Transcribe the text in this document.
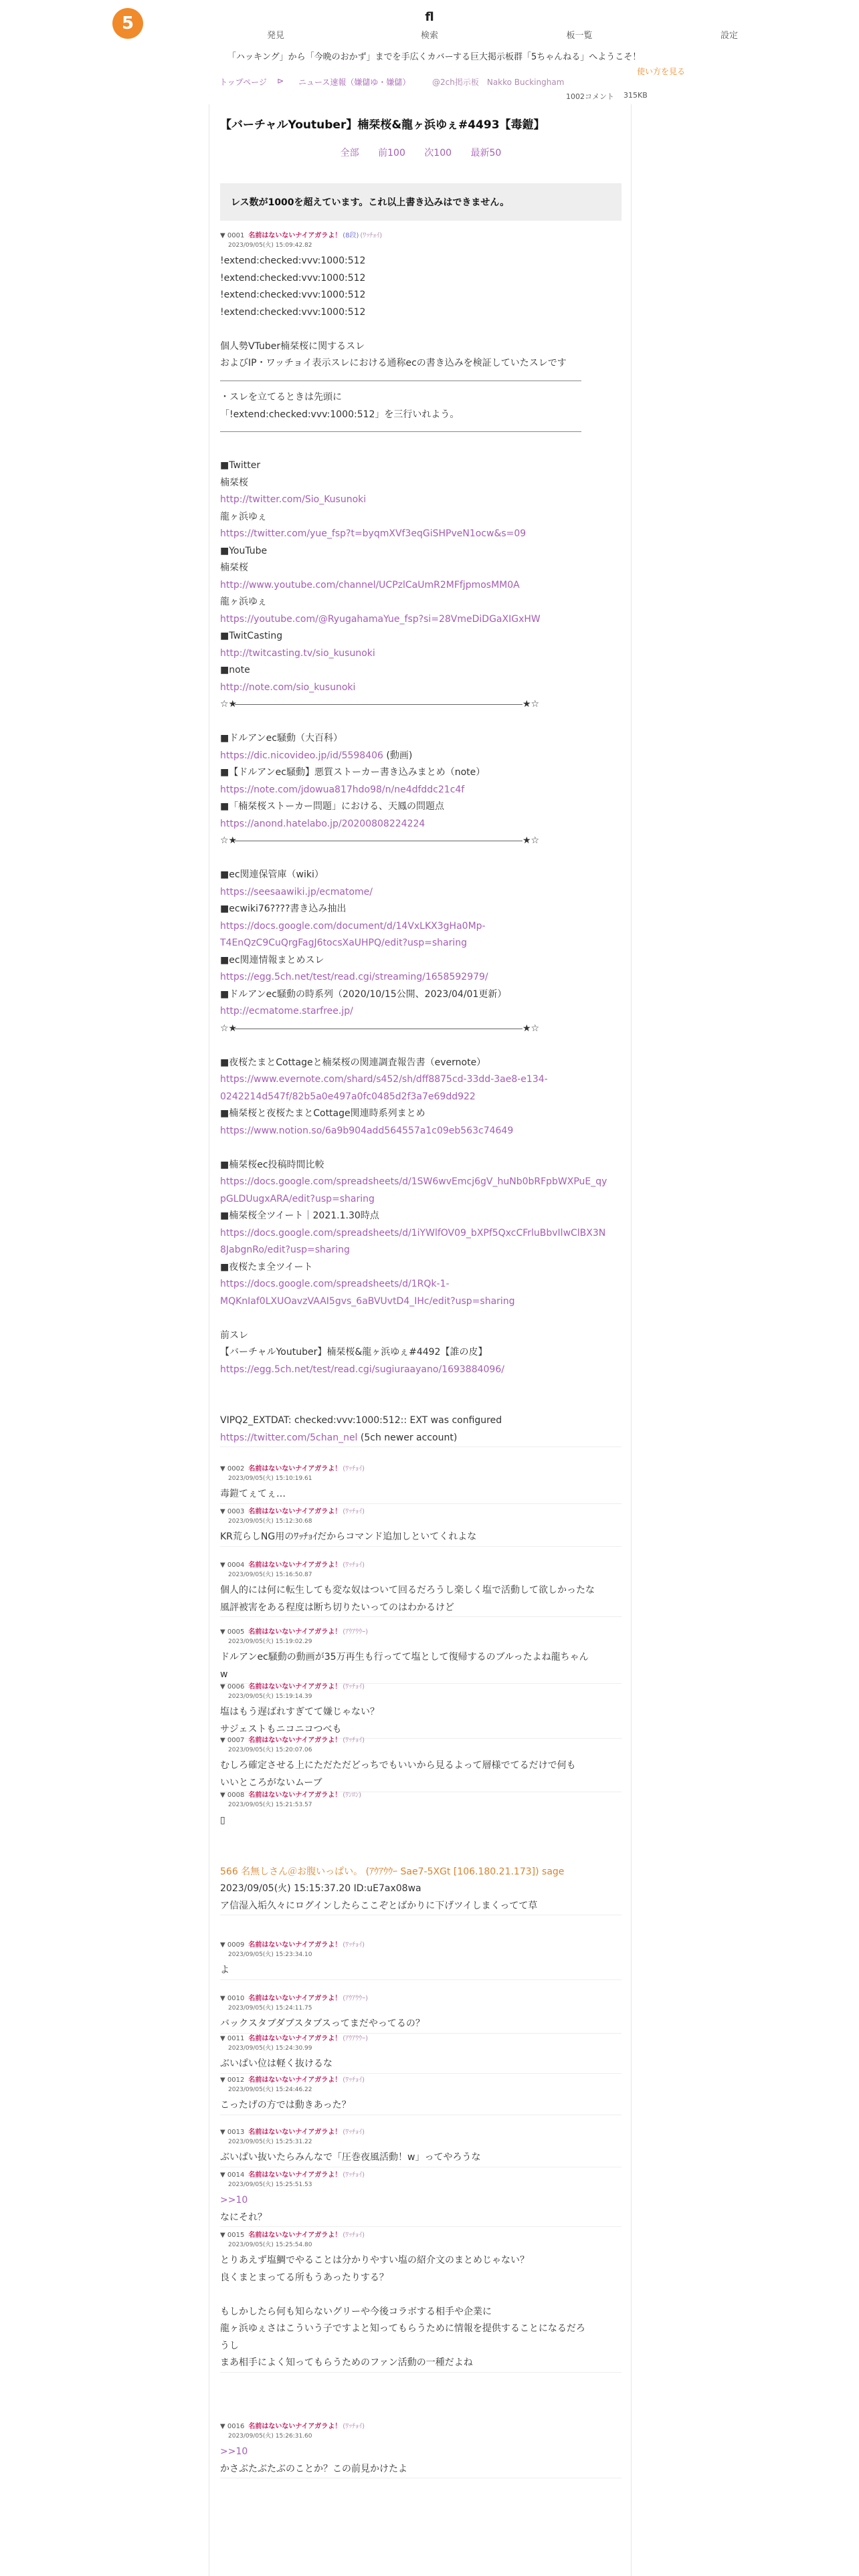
5
発見
fl
検索	板一覧	設定
「ハッキング」から「今晩のおかず」までを手広くカバーする巨大掲示板群「5ちゃんねる」へようこそ！
使い方を見る
トップページ ⊳ ニュース速報（嫌儲ゆ・嫌儲）	@2ch掲示板　Nakko Buckingham
1002コメント 315KB
【バーチャルYoutuber】楠栞桜&龍ヶ浜ゆぇ#4493【毒鎧】
全部 前100 次100 最新50
レス数が1000を超えています。これ以上書き込みはできません。
▼ 0001 名前はないないナイアガラよ！ (8段) (ﾜｯﾁｮｲ)
2023/09/05(火) 15:09:42.82
!extend:checked:vvv:1000:512
!extend:checked:vvv:1000:512
!extend:checked:vvv:1000:512
!extend:checked:vvv:1000:512
個人勢VTuber楠栞桜に関するスレ
およびIP・ワッチョイ表示スレにおける通称ecの書き込みを検証していたスレです
・スレを立てるときは先頭に
「!extend:checked:vvv:1000:512」を三行いれよう。
■Twitter
楠栞桜
http://twitter.com/Sio_Kusunoki
龍ヶ浜ゆぇ
https://twitter.com/yue_fsp?t=byqmXVf3eqGiSHPveN1ocw&s=09
■YouTube
楠栞桜
http://www.youtube.com/channel/UCPzlCaUmR2MFfjpmosMM0A
龍ヶ浜ゆぇ
https://youtube.com/@RyugahamaYue_fsp?si=28VmeDiDGaXIGxHW
■TwitCasting
http://twitcasting.tv/sio_kusunoki
■note
http://note.com/sio_kusunoki
☆★	★☆
■ドルアンec騒動（大百科）
https://dic.nicovideo.jp/id/5598406 (動画)
■【ドルアンec騒動】悪質ストーカー書き込みまとめ（note）
https://note.com/jdowua817hdo98/n/ne4dfddc21c4f
■「楠栞桜ストーカー問題」における、天鳳の問題点
https://anond.hatelabo.jp/20200808224224
☆★	★☆
■ec関連保管庫（wiki）
https://seesaawiki.jp/ecmatome/
■ecwiki76????書き込み抽出
https://docs.google.com/document/d/14VxLKX3gHa0Mp-
T4EnQzC9CuQrgFagJ6tocsXaUHPQ/edit?usp=sharing
■ec関連情報まとめスレ
https://egg.5ch.net/test/read.cgi/streaming/1658592979/
■ドルアンec騒動の時系列（2020/10/15公開、2023/04/01更新）
http://ecmatome.starfree.jp/
☆★	★☆
■夜桜たまとCottageと楠栞桜の関連調査報告書（evernote）
https://www.evernote.com/shard/s452/sh/dff8875cd-33dd-3ae8-e134-
0242214d547f/82b5a0e497a0fc0485d2f3a7e69dd922
■楠栞桜と夜桜たまとCottage関連時系列まとめ
https://www.notion.so/6a9b904add564557a1c09eb563c74649
■楠栞桜ec投稿時間比較
https://docs.google.com/spreadsheets/d/1SW6wvEmcj6gV_huNb0bRFpbWXPuE_qy
pGLDUugxARA/edit?usp=sharing
■楠栞桜全ツイート｜2021.1.30時点
https://docs.google.com/spreadsheets/d/1iYWlfOV09_bXPf5QxcCFrluBbvIlwClBX3N
8JabgnRo/edit?usp=sharing
■夜桜たま全ツイート
https://docs.google.com/spreadsheets/d/1RQk-1-
MQKnIaf0LXUOavzVAAI5gvs_6aBVUvtD4_IHc/edit?usp=sharing
前スレ
【バーチャルYoutuber】楠栞桜&龍ヶ浜ゆぇ#4492【誰の皮】
https://egg.5ch.net/test/read.cgi/sugiuraayano/1693884096/
VIPQ2_EXTDAT: checked:vvv:1000:512:: EXT was configured
https://twitter.com/5chan_nel (5ch newer account)
▼ 0002 名前はないないナイアガラよ！ (ﾜｯﾁｮｲ)
2023/09/05(火) 15:10:19.61
毒鎧てぇてぇ…
▼ 0003 名前はないないナイアガラよ！ (ﾜｯﾁｮｲ)
2023/09/05(火) 15:12:30.68
KR荒らしNG用のﾜｯﾁｮｲだからコマンド追加しといてくれよな
▼ 0004 名前はないないナイアガラよ！ (ﾜｯﾁｮｲ)
2023/09/05(火) 15:16:50.87
個人的には何に転生しても変な奴はついて回るだろうし楽しく塩で活動して欲しかったな
風評被害をある程度は断ち切りたいってのはわかるけど
▼ 0005 名前はないないナイアガラよ！ (ｱｳｱｳｳｰ)
2023/09/05(火) 15:19:02.29
ドルアンec騒動の動画が35万再生も行ってて塩として復帰するのブルったよね龍ちゃん
w
▼ 0006 名前はないないナイアガラよ！ (ﾜｯﾁｮｲ)
2023/09/05(火) 15:19:14.39
塩はもう遅ばれすぎてて嫌じゃない？
サジェストもニコニコつべも
▼ 0007 名前はないないナイアガラよ！ (ﾜｯﾁｮｲ)
2023/09/05(火) 15:20:07.06
むしろ確定させる上にただただどっちでもいいから見るよって層様でてるだけで何も
いいところがないムーブ
▼ 0008 名前はないないナイアガラよ！ (ﾜﾝﾛﾝ)
2023/09/05(火) 15:21:53.57
▯
566 名無しさん＠お腹いっぱい。 (ｱｳｱｳｳｰ Sae7-5XGt [106.180.21.173]) sage
2023/09/05(火) 15:15:37.20 ID:uE7ax08wa
ア信湿入垢久々にログインしたらここぞとばかりに下げツイしまくってて草
▼ 0009 名前はないないナイアガラよ！ (ﾜｯﾁｮｲ)
2023/09/05(火) 15:23:34.10
よ
▼ 0010 名前はないないナイアガラよ！ (ｱｳｱｳｳｰ)
2023/09/05(火) 15:24:11.75
バックスタブダブスタブスってまだやってるの？
▼ 0011 名前はないないナイアガラよ！ (ｱｳｱｳｳｰ)
2023/09/05(火) 15:24:30.99
ぶいぱい位は軽く抜けるな
▼ 0012 名前はないないナイアガラよ！ (ﾜｯﾁｮｲ)
2023/09/05(火) 15:24:46.22
こったげの方では動きあった？
▼ 0013 名前はないないナイアガラよ！ (ﾜｯﾁｮｲ)
2023/09/05(火) 15:25:31.22
ぶいぱい抜いたらみんなで「圧巻夜風活動！w」ってやろうな
▼ 0014 名前はないないナイアガラよ！ (ﾜｯﾁｮｲ)
2023/09/05(火) 15:25:51.53
>>10
なにそれ？
▼ 0015 名前はないないナイアガラよ！ (ﾜｯﾁｮｲ)
2023/09/05(火) 15:25:54.80
とりあえず塩鯛でやることは分かりやすい塩の紹介文のまとめじゃない？
良くまとまってる所もうあったりする？
もしかしたら何も知らないグリーや今後コラボする相手や企業に
龍ヶ浜ゆぇさはこういう子ですよと知ってもらうために情報を提供することになるだろ
うし
まあ相手によく知ってもらうためのファン活動の一種だよね
▼ 0016 名前はないないナイアガラよ！ (ﾜｯﾁｮｲ)
2023/09/05(火) 15:26:31.60
>>10
かさぶたぶたぶのことか？この前見かけたよ
